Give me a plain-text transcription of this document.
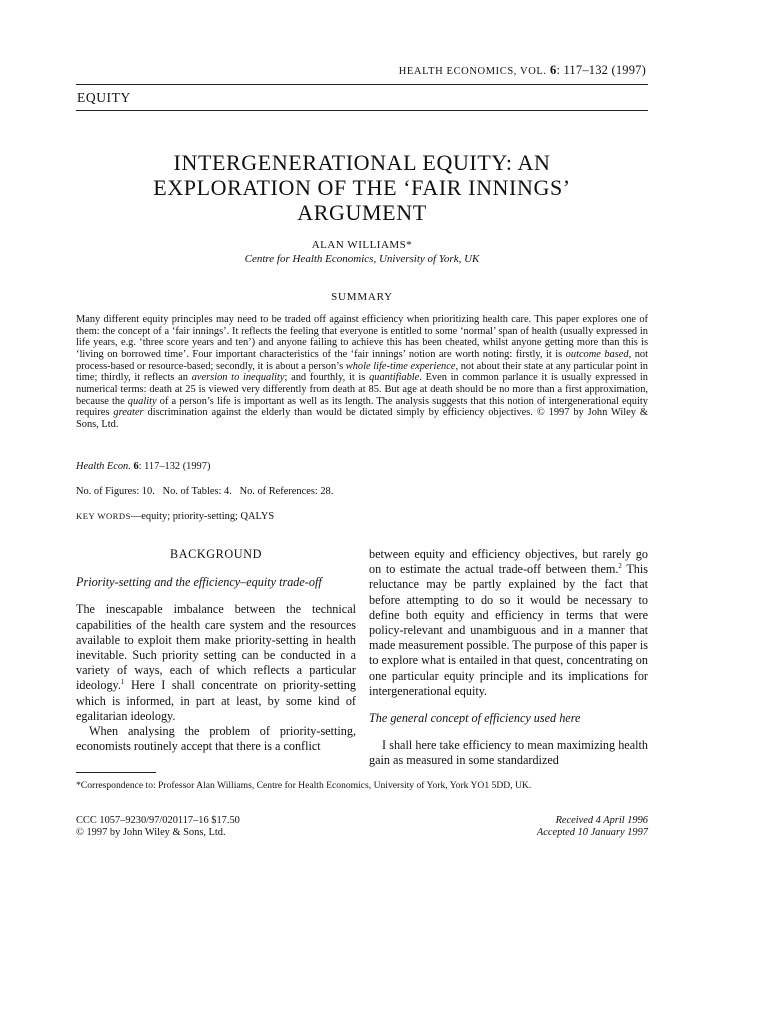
HEALTH ECONOMICS, VOL. 6: 117–132 (1997)
EQUITY
INTERGENERATIONAL EQUITY: AN
EXPLORATION OF THE ‘FAIR INNINGS’
ARGUMENT
ALAN WILLIAMS*
Centre for Health Economics, University of York, UK
SUMMARY
Many different equity principles may need to be traded off against efficiency when prioritizing health care. This paper explores one of them: the concept of a ‘fair innings’. It reflects the feeling that everyone is entitled to some ‘normal’ span of health (usually expressed in life years, e.g. ‘three score years and ten’) and anyone failing to achieve this has been cheated, whilst anyone getting more than this is ‘living on borrowed time’. Four important characteristics of the ‘fair innings’ notion are worth noting: firstly, it is outcome based, not process-based or resource-based; secondly, it is about a person’s whole life-time experience, not about their state at any particular point in time; thirdly, it reflects an aversion to inequality; and fourthly, it is quantifiable. Even in common parlance it is usually expressed in numerical terms: death at 25 is viewed very differently from death at 85. But age at death should be no more than a first approximation, because the quality of a person’s life is important as well as its length. The analysis suggests that this notion of intergenerational equity requires greater discrimination against the elderly than would be dictated simply by efficiency objectives. © 1997 by John Wiley & Sons, Ltd.
Health Econ. 6: 117–132 (1997)
No. of Figures: 10.   No. of Tables: 4.   No. of References: 28.
KEY WORDS—equity; priority-setting; QALYS
BACKGROUND
Priority-setting and the efficiency–equity trade-off

The inescapable imbalance between the technical capabilities of the health care system and the resources available to exploit them make priority-setting in health inevitable. Such priority setting can be conducted in a variety of ways, each of which reflects a particular ideology.$^1$ Here I shall concentrate on priority-setting which is informed, in part at least, by some kind of egalitarian ideology.

When analysing the problem of priority-setting, economists routinely accept that there is a conflict

between equity and efficiency objectives, but rarely go on to estimate the actual trade-off between them.$^2$ This reluctance may be partly explained by the fact that before attempting to do so it would be necessary to define both equity and efficiency in terms that were policy-relevant and unambiguous and in a manner that made measurement possible. The purpose of this paper is to explore what is entailed in that quest, concentrating on one particular equity principle and its implications for intergenerational equity.

The general concept of efficiency used here

I shall here take efficiency to mean maximizing health gain as measured in some standardized

*Correspondence to: Professor Alan Williams, Centre for Health Economics, University of York, York YO1 5DD, UK.
CCC 1057–9230/97/020117–16 $17.50
© 1997 by John Wiley & Sons, Ltd.
Received 4 April 1996
Accepted 10 January 1997
